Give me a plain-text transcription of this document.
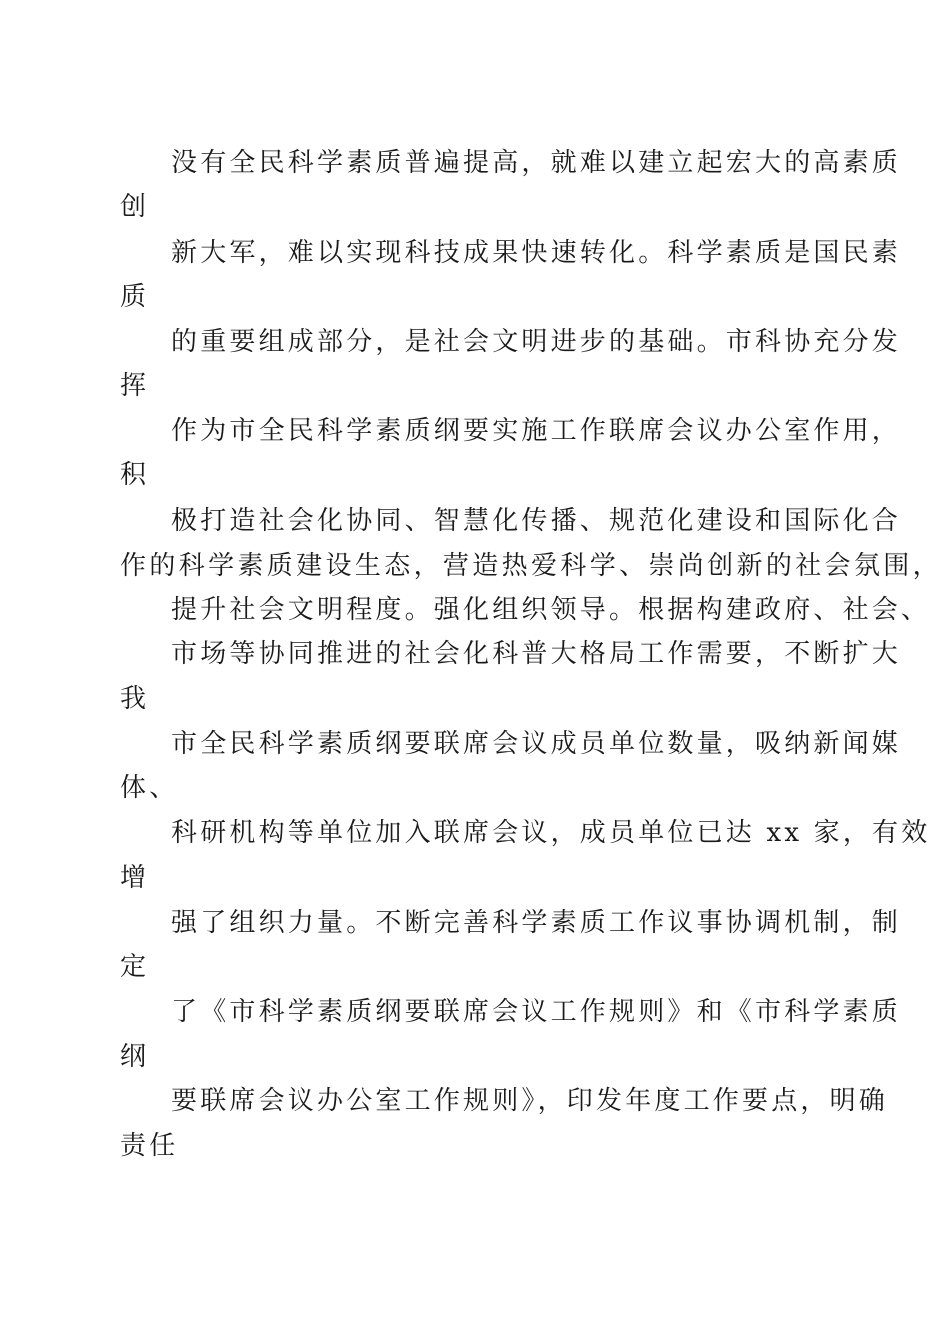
没有全民科学素质普遍提高，就难以建立起宏大的高素质
创
新大军，难以实现科技成果快速转化。科学素质是国民素
质
的重要组成部分，是社会文明进步的基础。市科协充分发
挥
作为市全民科学素质纲要实施工作联席会议办公室作用，
积
极打造社会化协同、智慧化传播、规范化建设和国际化合
作的科学素质建设生态，营造热爱科学、崇尚创新的社会氛围，
提升社会文明程度。强化组织领导。根据构建政府、社会、
市场等协同推进的社会化科普大格局工作需要，不断扩大
我
市全民科学素质纲要联席会议成员单位数量，吸纳新闻媒
体、
科研机构等单位加入联席会议，成员单位已达 xx 家，有效
增
强了组织力量。不断完善科学素质工作议事协调机制，制
定
了《市科学素质纲要联席会议工作规则》和《市科学素质
纲
要联席会议办公室工作规则》，印发年度工作要点，明确
责任
